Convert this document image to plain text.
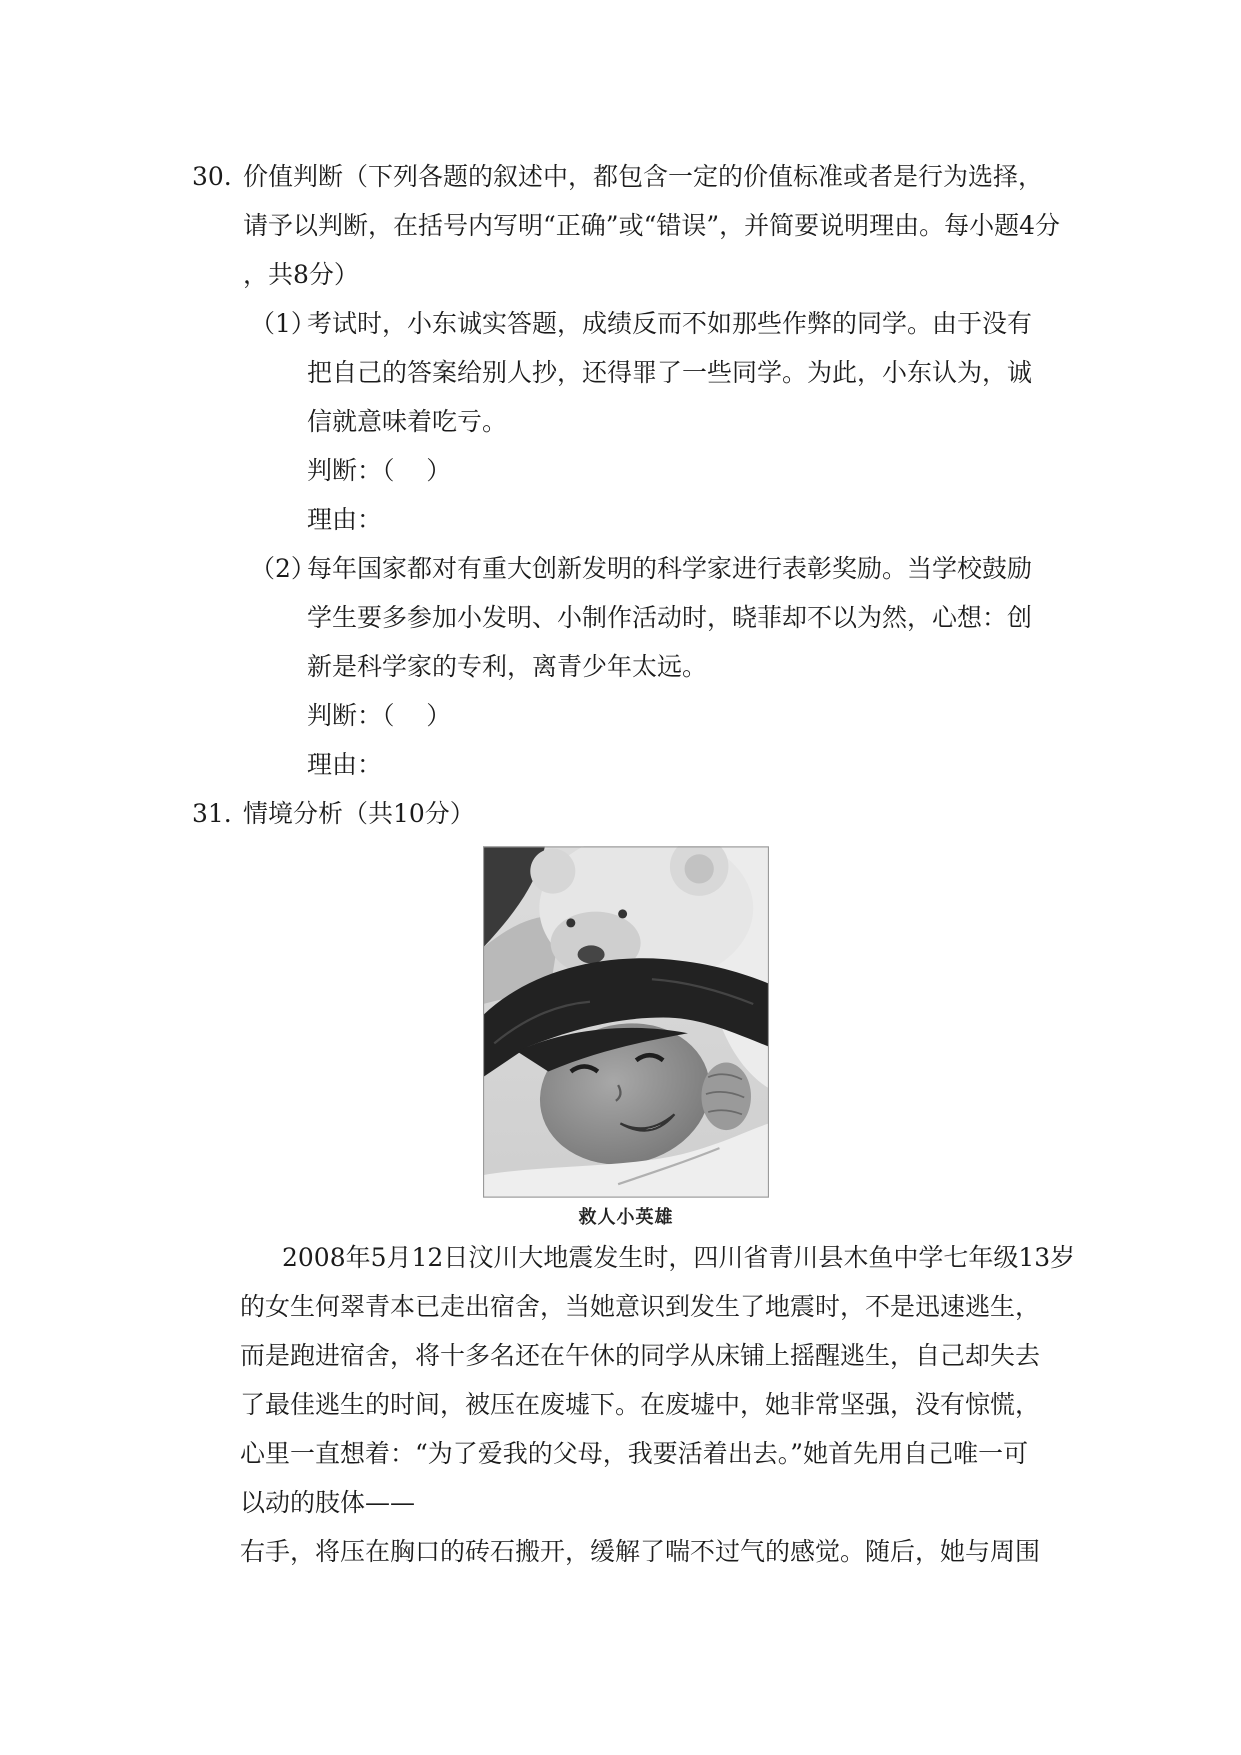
30.

价值判断（下列各题的叙述中，都包含一定的价值标准或者是行为选择，

请予以判断，在括号内写明“正确”或“错误”，并简要说明理由。每小题4分
，共8分）

（1）

考试时，小东诚实答题，成绩反而不如那些作弊的同学。由于没有

把自己的答案给别人抄，还得罪了一些同学。为此，小东认为，诚
信就意味着吃亏。
判断：（    ）
理由：

（2）

每年国家都对有重大创新发明的科学家进行表彰奖励。当学校鼓励

学生要多参加小发明、小制作活动时，晓菲却不以为然，心想：创
新是科学家的专利，离青少年太远。
判断：（    ）
理由：

31.

情境分析（共10分）

救人小英雄
2008年5月12日汶川大地震发生时，四川省青川县木鱼中学七年级13岁
的女生何翠青本已走出宿舍，当她意识到发生了地震时，不是迅速逃生，
而是跑进宿舍，将十多名还在午休的同学从床铺上摇醒逃生，自己却失去
了最佳逃生的时间，被压在废墟下。在废墟中，她非常坚强，没有惊慌，
心里一直想着：“为了爱我的父母，我要活着出去。”她首先用自己唯一可
以动的肢体——
右手，将压在胸口的砖石搬开，缓解了喘不过气的感觉。随后，她与周围
